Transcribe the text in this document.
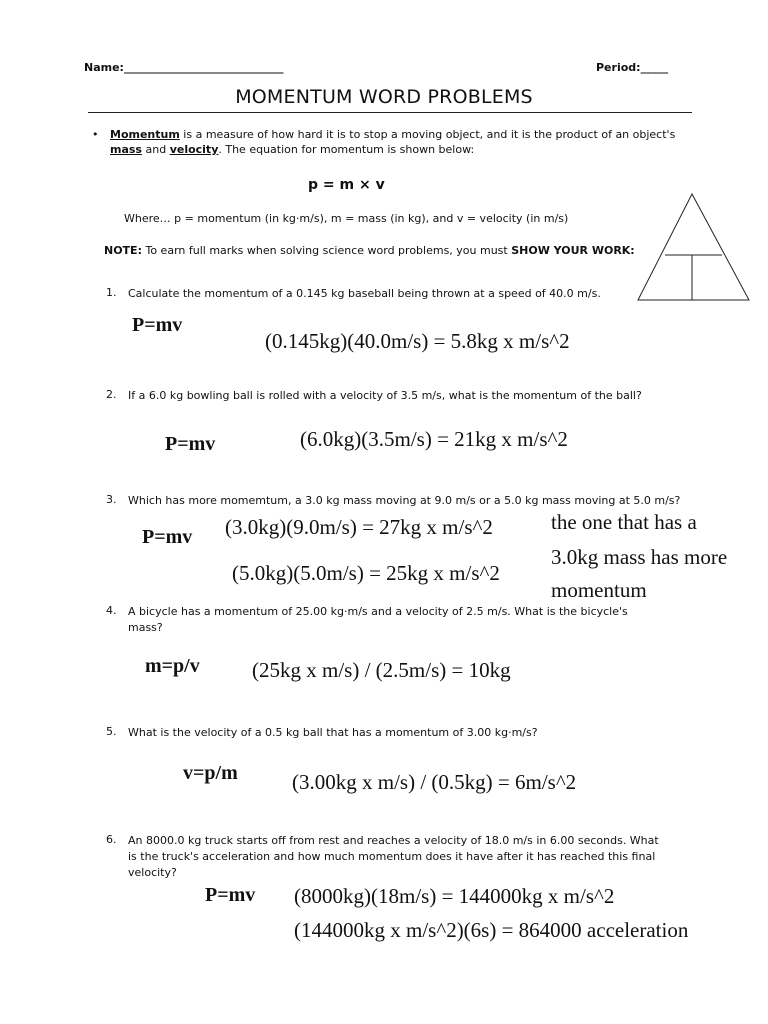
Name:_____________________________	Period:_____
MOMENTUM WORD PROBLEMS
• Momentum is a measure of how hard it is to stop a moving object, and it is the product of an object's
mass and velocity. The equation for momentum is shown below:
p = m × v
Where… p = momentum (in kg·m/s), m = mass (in kg), and v = velocity (in m/s)
NOTE: To earn full marks when solving science word problems, you must SHOW YOUR WORK:
1. Calculate the momentum of a 0.145 kg baseball being thrown at a speed of 40.0 m/s.
P=mv
(0.145kg)(40.0m/s) = 5.8kg x m/s^2
2. If a 6.0 kg bowling ball is rolled with a velocity of 3.5 m/s, what is the momentum of the ball?
P=mv	(6.0kg)(3.5m/s) = 21kg x m/s^2
3. Which has more momemtum, a 3.0 kg mass moving at 9.0 m/s or a 5.0 kg mass moving at 5.0 m/s?
P=mv (3.0kg)(9.0m/s) = 27kg x m/s^2
(5.0kg)(5.0m/s) = 25kg x m/s^2
the one that has a
3.0kg mass has more
momentum
4. A bicycle has a momentum of 25.00 kg·m/s and a velocity of 2.5 m/s. What is the bicycle's
mass?
m=p/v (25kg x m/s) / (2.5m/s) = 10kg
5. What is the velocity of a 0.5 kg ball that has a momentum of 3.00 kg·m/s?
v=p/m	(3.00kg x m/s) / (0.5kg) = 6m/s^2
6. An 8000.0 kg truck starts off from rest and reaches a velocity of 18.0 m/s in 6.00 seconds. What
is the truck's acceleration and how much momentum does it have after it has reached this final
velocity?
P=mv (8000kg)(18m/s) = 144000kg x m/s^2
(144000kg x m/s^2)(6s) = 864000 acceleration
